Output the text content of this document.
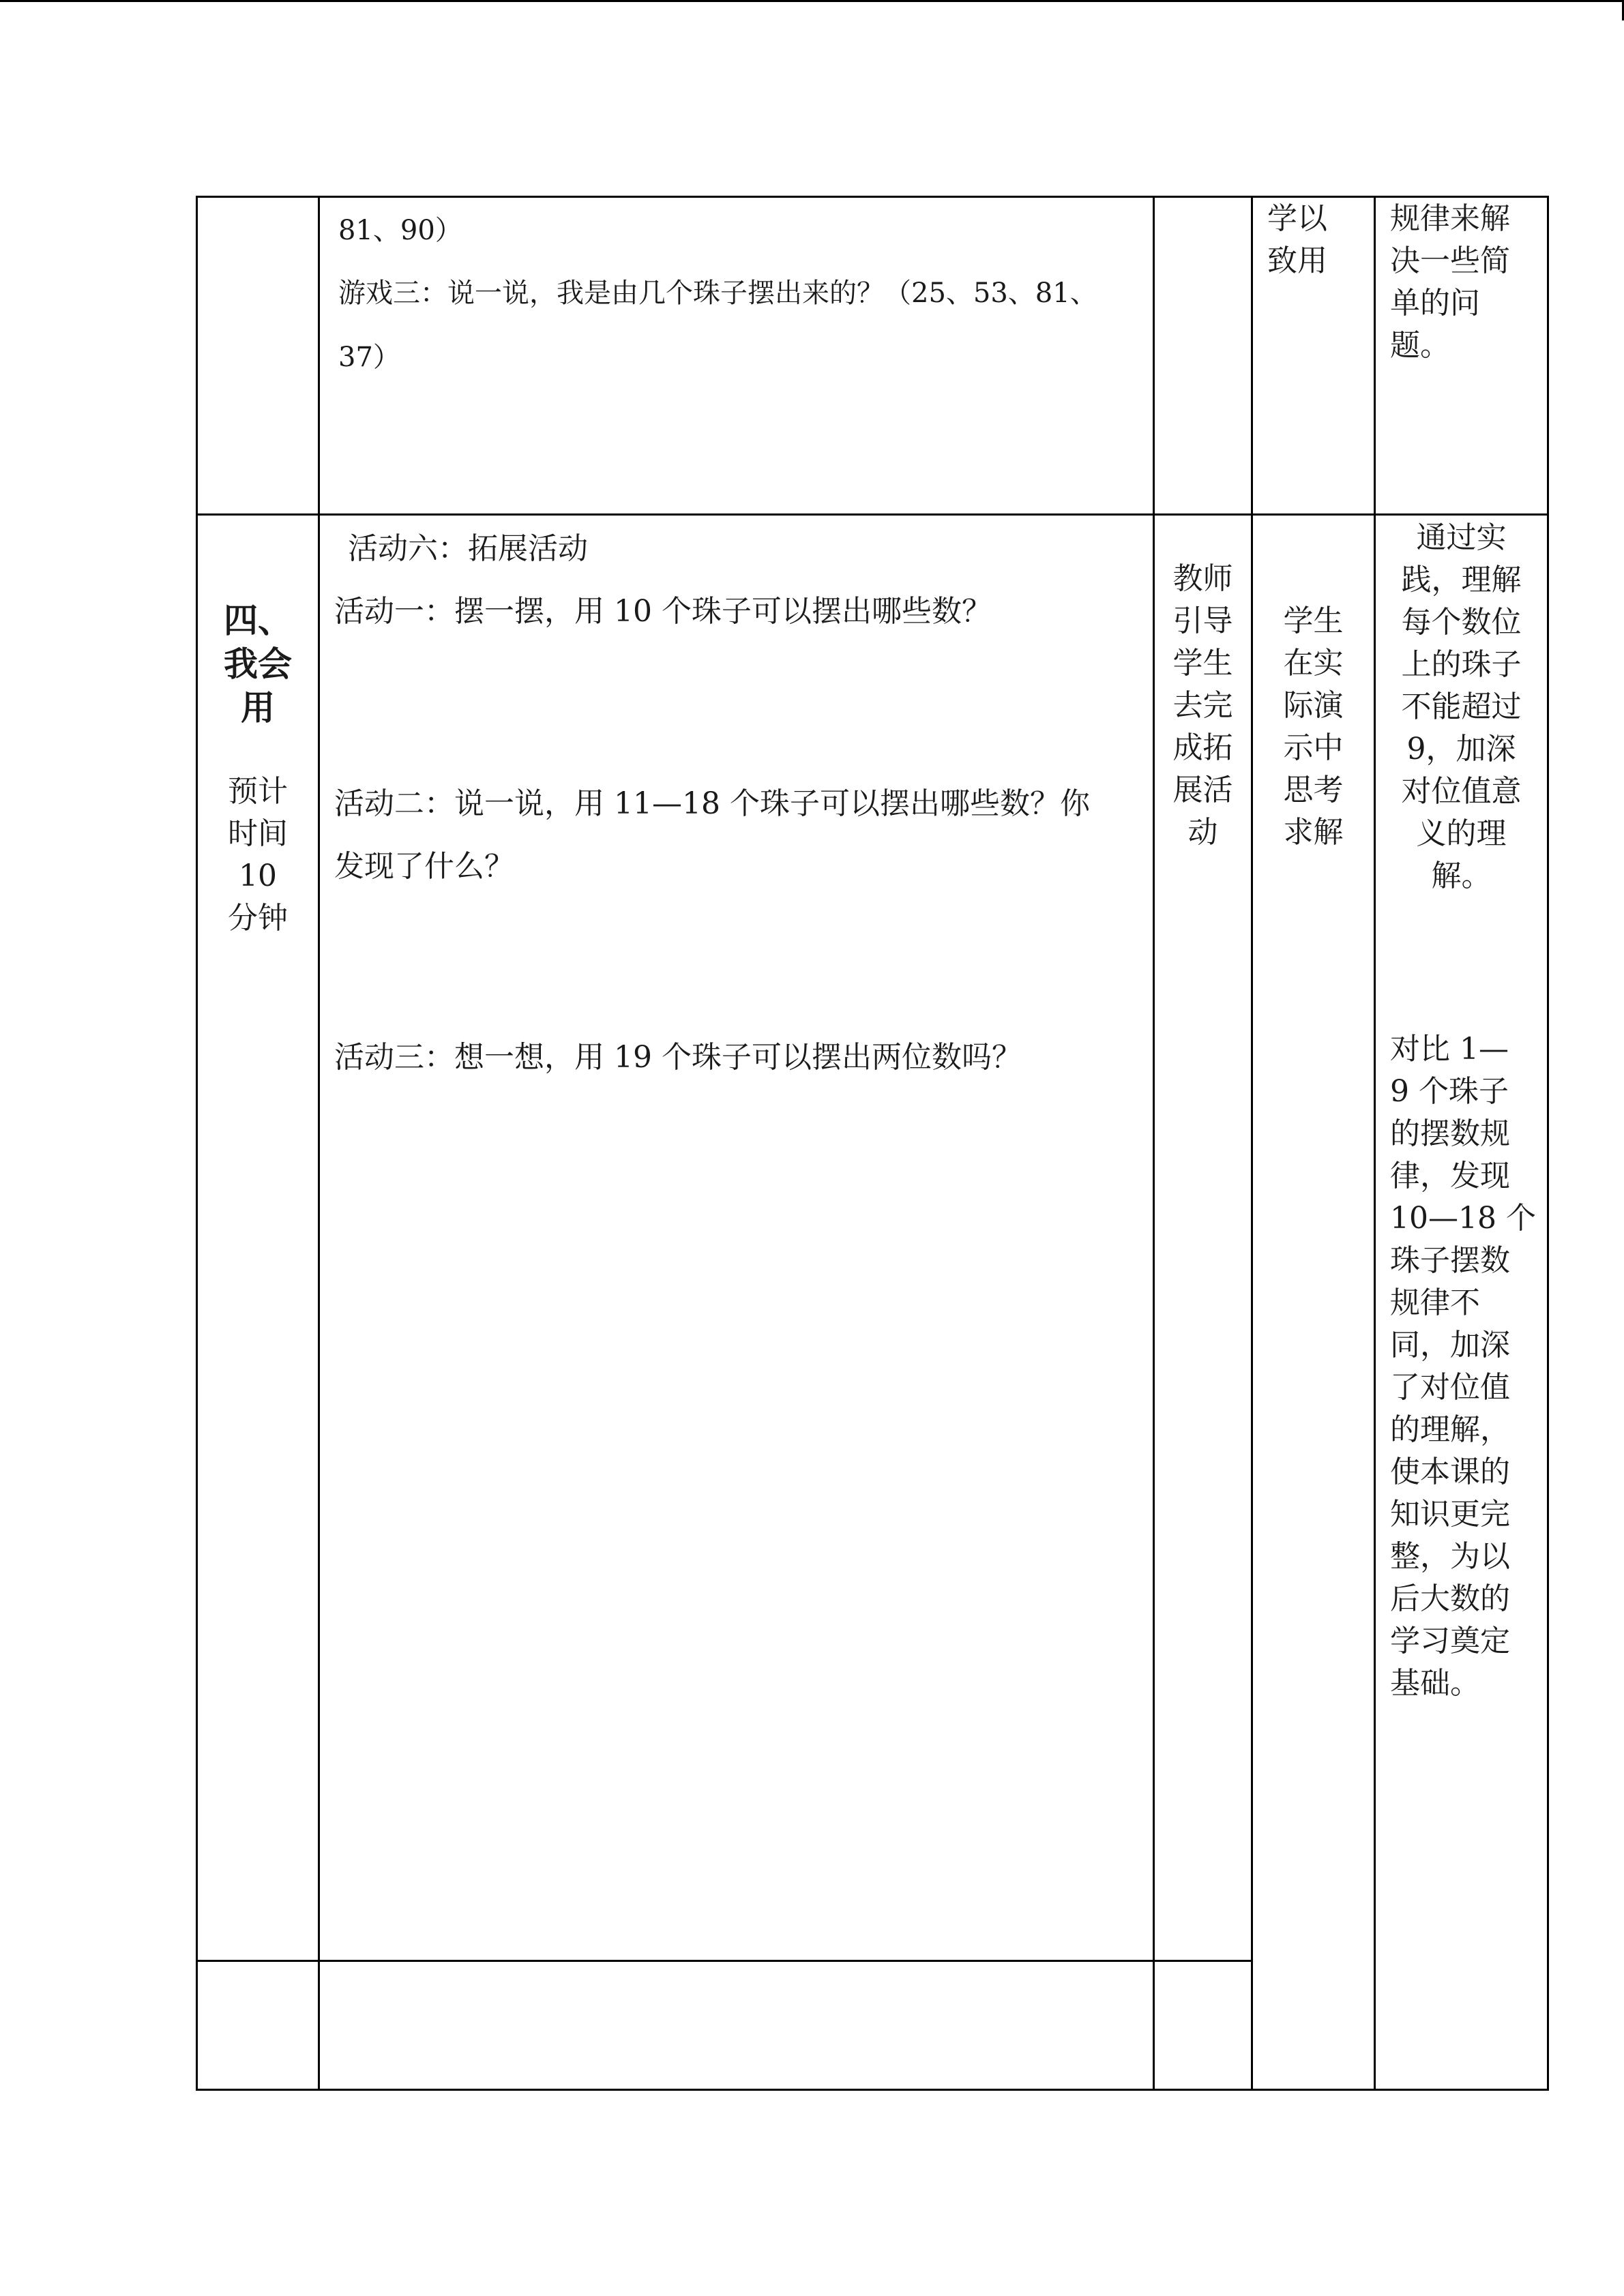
81、90）
游戏三：说一说，我是由几个珠子摆出来的？（25、53、81、
37）
学以
致用
规律来解
决一些简
单的问
题。
四、
我会
用
预计
时间
10
分钟
活动六：拓展活动
活动一：摆一摆，用 10 个珠子可以摆出哪些数？
活动二：说一说，用 11—18 个珠子可以摆出哪些数？你
发现了什么？
活动三：想一想，用 19 个珠子可以摆出两位数吗？
教师
引导
学生
去完
成拓
展活
动
学生
在实
际演
示中
思考
求解
通过实
践，理解
每个数位
上的珠子
不能超过
9，加深
对位值意
义的理
解。
对比 1—
9 个珠子
的摆数规
律，发现
10—18 个
珠子摆数
规律不
同，加深
了对位值
的理解，
使本课的
知识更完
整，为以
后大数的
学习奠定
基础。
